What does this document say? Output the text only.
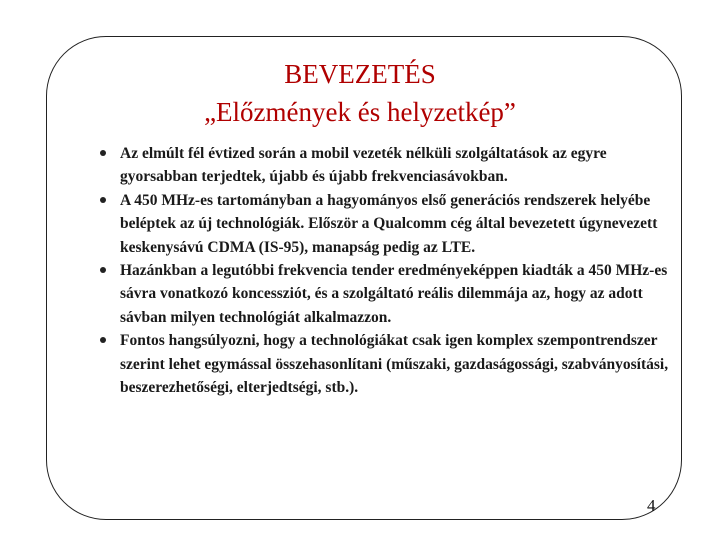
BEVEZETÉS
„Előzmények és helyzetkép”
Az elmúlt fél évtized során a mobil vezeték nélküli szolgáltatások az egyre gyorsabban terjedtek, újabb és újabb frekvenciasávokban.
A 450 MHz-es tartományban a hagyományos első generációs rendszerek helyébe beléptek az új technológiák. Először a Qualcomm cég által bevezetett úgynevezett keskenysávú CDMA (IS-95), manapság pedig az LTE.
Hazánkban a legutóbbi frekvencia tender eredményeképpen kiadták a 450 MHz-es sávra vonatkozó koncessziót, és a szolgáltató reális dilemmája az, hogy az adott sávban milyen technológiát alkalmazzon.
Fontos hangsúlyozni, hogy a technológiákat csak igen komplex szempontrendszer szerint lehet egymással összehasonlítani (műszaki, gazdaságossági, szabványosítási, beszerezhetőségi, elterjedtségi, stb.).
4
